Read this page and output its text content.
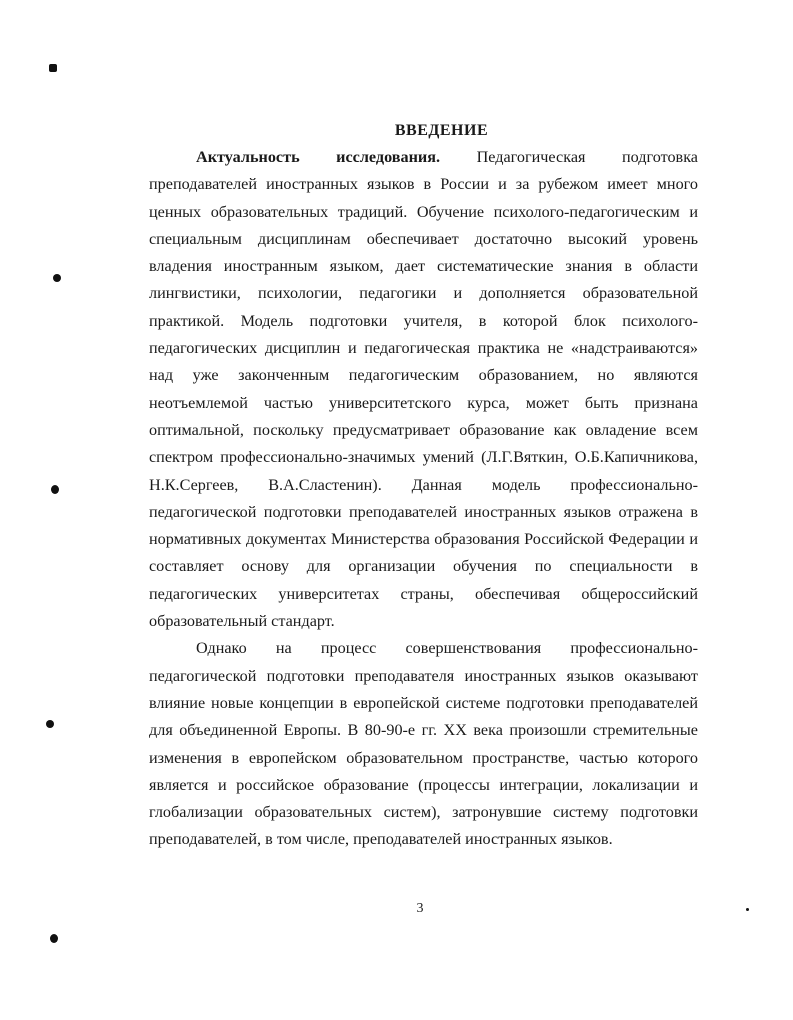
ВВЕДЕНИЕ

Актуальность исследования. Педагогическая подготовка преподавателей иностранных языков в России и за рубежом имеет много ценных образовательных традиций. Обучение психолого-педагогическим и специальным дисциплинам обеспечивает достаточно высокий уровень владения иностранным языком, дает систематические знания в области лингвистики, психологии, педагогики и дополняется образовательной практикой. Модель подготовки учителя, в которой блок психолого-педагогических дисциплин и педагогическая практика не «надстраиваются» над уже законченным педагогическим образованием, но являются неотъемлемой частью университетского курса, может быть признана оптимальной, поскольку предусматривает образование как овладение всем спектром профессионально-значимых умений (Л.Г.Вяткин, О.Б.Капичникова, Н.К.Сергеев, В.А.Сластенин). Данная модель профессионально-педагогической подготовки преподавателей иностранных языков отражена в нормативных документах Министерства образования Российской Федерации и составляет основу для организации обучения по специальности в педагогических университетах страны, обеспечивая общероссийский образовательный стандарт.

Однако на процесс совершенствования профессионально-педагогической подготовки преподавателя иностранных языков оказывают влияние новые концепции в европейской системе подготовки преподавателей для объединенной Европы. В 80-90-е гг. XX века произошли стремительные изменения в европейском образовательном пространстве, частью которого является и российское образование (процессы интеграции, локализации и глобализации образовательных систем), затронувшие систему подготовки преподавателей, в том числе, преподавателей иностранных языков.

3
